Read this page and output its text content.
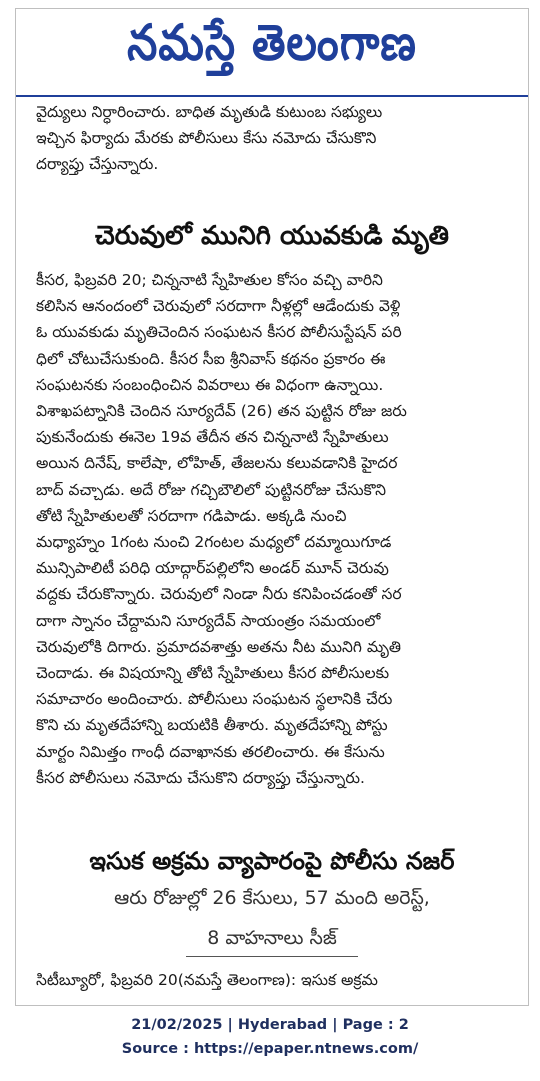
నమస్తే తెలంగాణ
వైద్యులు నిర్ధారించారు. బాధిత మృతుడి కుటుంబ సభ్యులు
ఇచ్చిన ఫిర్యాదు మేరకు పోలీసులు కేసు నమోదు చేసుకొని
దర్యాప్తు చేస్తున్నారు.
చెరువులో మునిగి యువకుడి మృతి
కీసర, ఫిబ్రవరి 20; చిన్ననాటి స్నేహితుల కోసం వచ్చి వారిని
కలిసిన ఆనందంలో చెరువులో సరదాగా నీళ్లల్లో ఆడేందుకు వెళ్లి
ఓ యువకుడు మృతిచెందిన సంఘటన కీసర పోలీసుస్టేషన్ పరి
ధిలో చోటుచేసుకుంది. కీసర సీఐ శ్రీనివాస్ కథనం ప్రకారం ఈ
సంఘటనకు సంబంధించిన వివరాలు ఈ విధంగా ఉన్నాయి.
విశాఖపట్నానికి చెందిన సూర్యదేవ్ (26) తన పుట్టిన రోజు జరు
పుకునేందుకు ఈనెల 19వ తేదీన తన చిన్ననాటి స్నేహితులు
అయిన దినేష్, కాలేషా, లోహిత్, తేజలను కలువడానికి హైదర
బాద్ వచ్చాడు. అదే రోజు గచ్చిబౌలిలో పుట్టినరోజు చేసుకొని
తోటి స్నేహితులతో సరదాగా గడిపాడు. అక్కడి నుంచి
మధ్యాహ్నం 1గంట నుంచి 2గంటల మధ్యలో దమ్మాయిగూడ
మున్సిపాలిటీ పరిధి యాద్గార్‌పల్లిలోని అండర్ మూన్ చెరువు
వద్దకు చేరుకొన్నారు. చెరువులో నిండా నీరు కనిపించడంతో సర
దాగా స్నానం చేద్దామని సూర్యదేవ్ సాయంత్రం సమయంలో
చెరువులోకి దిగారు. ప్రమాదవశాత్తు అతను నీట మునిగి మృతి
చెందాడు. ఈ విషయాన్ని తోటి స్నేహితులు కీసర పోలీసులకు
సమాచారం అందించారు. పోలీసులు సంఘటన స్థలానికి చేరు
కొని చు మృతదేహాన్ని బయటికి తీశారు. మృతదేహాన్ని పోస్టు
మార్టం నిమిత్తం గాంధీ దవాఖానకు తరలించారు. ఈ కేసును
కీసర పోలీసులు నమోదు చేసుకొని దర్యాప్తు చేస్తున్నారు.
ఇసుక అక్రమ వ్యాపారంపై పోలీసు నజర్
ఆరు రోజుల్లో 26 కేసులు, 57 మంది అరెస్ట్,
8 వాహనాలు సీజ్
సిటీబ్యూరో, ఫిబ్రవరి 20(నమస్తే తెలంగాణ): ఇసుక అక్రమ
21/02/2025 | Hyderabad | Page : 2
Source : https://epaper.ntnews.com/
